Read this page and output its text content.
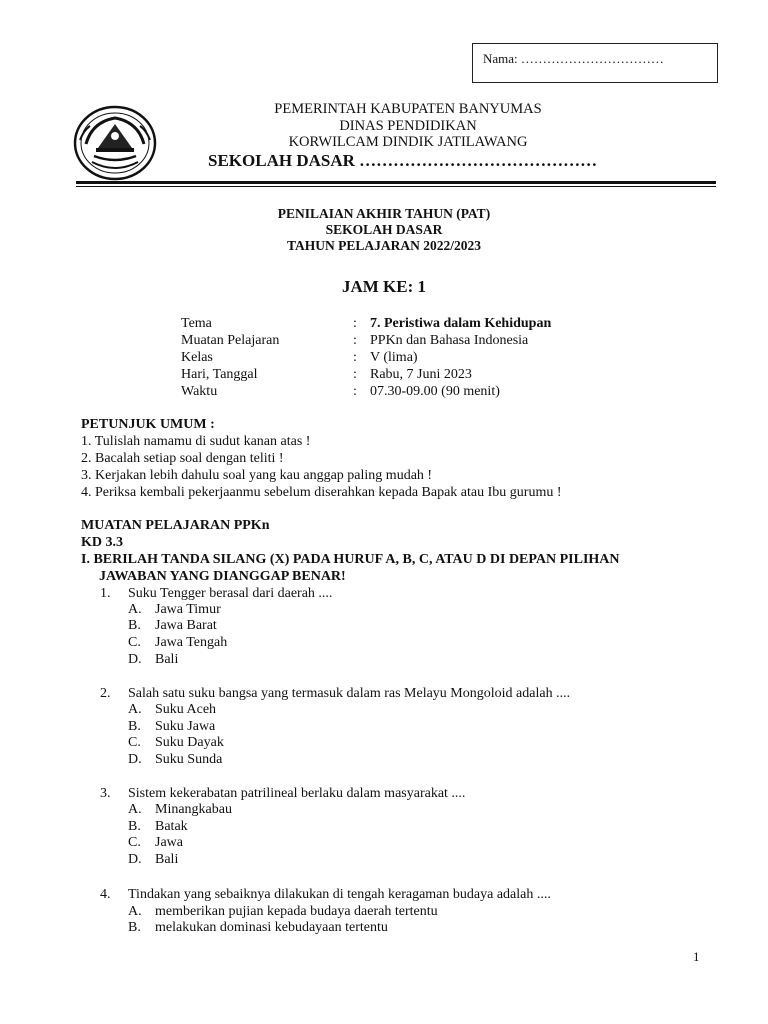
Nama: ……………………………
PEMERINTAH KABUPATEN BANYUMAS
DINAS PENDIDIKAN
KORWILCAM DINDIK JATILAWANG
SEKOLAH DASAR ……………………………………
PENILAIAN AKHIR TAHUN (PAT)
SEKOLAH DASAR
TAHUN PELAJARAN 2022/2023
JAM KE: 1
Tema	: 7. Peristiwa dalam Kehidupan
Muatan Pelajaran	: PPKn dan Bahasa Indonesia
Kelas	: V (lima)
Hari, Tanggal	: Rabu, 7 Juni 2023
Waktu	: 07.30-09.00 (90 menit)
PETUNJUK UMUM :
1. Tulislah namamu di sudut kanan atas !
2. Bacalah setiap soal dengan teliti !
3. Kerjakan lebih dahulu soal yang kau anggap paling mudah !
4. Periksa kembali pekerjaanmu sebelum diserahkan kepada Bapak atau Ibu gurumu !
MUATAN PELAJARAN PPKn
KD 3.3
I. BERILAH TANDA SILANG (X) PADA HURUF A, B, C, ATAU D DI DEPAN PILIHAN
JAWABAN YANG DIANGGAP BENAR!
1. Suku Tengger berasal dari daerah ....
A. Jawa Timur
B. Jawa Barat
C. Jawa Tengah
D. Bali
2. Salah satu suku bangsa yang termasuk dalam ras Melayu Mongoloid adalah ....
A. Suku Aceh
B. Suku Jawa
C. Suku Dayak
D. Suku Sunda
3. Sistem kekerabatan patrilineal berlaku dalam masyarakat ....
A. Minangkabau
B. Batak
C. Jawa
D. Bali
4. Tindakan yang sebaiknya dilakukan di tengah keragaman budaya adalah ....
A. memberikan pujian kepada budaya daerah tertentu
B. melakukan dominasi kebudayaan tertentu
1
